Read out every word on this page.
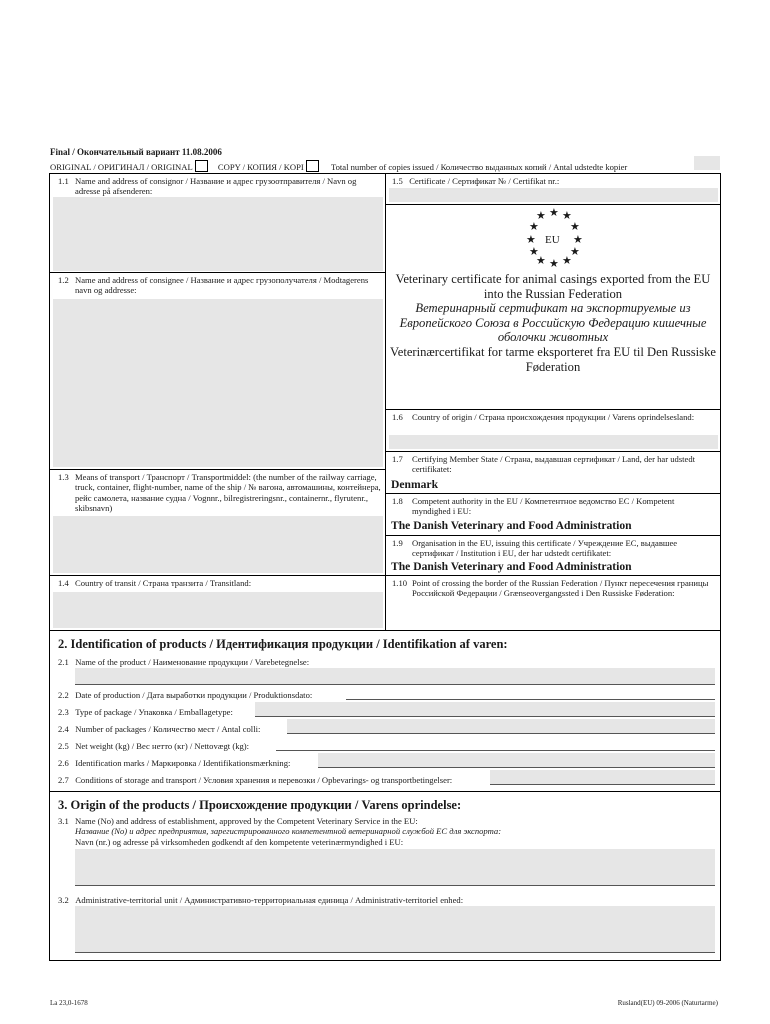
Final / Окончательный вариант 11.08.2006
ORIGINAL / ОРИГИНАЛ / ORIGINAL	COPY / КОПИЯ / KOPI	Total number of copies issued / Количество выданных копий / Antal udstedte kopier
1.1 Name and address of consignor / Название и адрес грузоотправителя / Navn og adresse på afsenderen:
1.2 Name and address of consignee / Название и адрес грузополучателя / Modtagerens navn og addresse:
1.3 Means of transport / Транспорт / Transportmiddel: (the number of the railway carriage, truck, container, flight-number, name of the ship / № вагона, автомашины, контейнера, рейс самолета, название судна / Vognnr., bilregistreringsnr., containernr., flyrutenr., skibsnavn)
1.4 Country of transit / Страна транзита / Transitland:
1.5 Certificate / Сертификат № / Certifikat nr.:
★ ★ ★
★	★
★	★
★	★
★ ★ ★
EU
Veterinary certificate for animal casings exported from the EU into the Russian Federation
Ветеринарный сертификат на экспортируемые из Европейского Союза в Российскую Федерацию кишечные оболочки животных
Veterinærcertifikat for tarme eksporteret fra EU til Den Russiske Føderation
1.6	Country of origin / Страна происхождения продукции / Varens oprindelsesland:
1.7	Certifying Member State / Страна, выдавшая сертификат / Land, der har udstedt certifikatet:
Denmark
1.8	Competent authority in the EU / Компетентное ведомство ЕС / Kompetent myndighed i EU:
The Danish Veterinary and Food Administration
1.9	Organisation in the EU, issuing this certificate / Учреждение ЕС, выдавшее сертификат / Institution i EU, der har udstedt certifikatet:
The Danish Veterinary and Food Administration
1.10 Point of crossing the border of the Russian Federation / Пункт пересечения границы Российской Федерации / Grænseovergangssted i Den Russiske Føderation:
2. Identification of products / Идентификация продукции / Identifikation af varen:
2.1 Name of the product / Наименование продукции / Varebetegnelse:
2.2 Date of production / Дата выработки продукции / Produktionsdato:
2.3 Type of package / Упаковка / Emballagetype:
2.4 Number of packages / Количество мест / Antal colli:
2.5 Net weight (kg) / Вес нетто (кг) / Nettovægt (kg):
2.6 Identification marks / Маркировка / Identifikationsmærkning:
2.7 Conditions of storage and transport / Условия хранения и перевозки / Opbevarings- og transportbetingelser:
3. Origin of the products / Происхождение продукции / Varens oprindelse:
3.1 Name (No) and address of establishment, approved by the Competent Veterinary Service in the EU:
Название (No) и адрес предприятия, зарегистрированного компетентной ветеринарной службой ЕС для экспорта:
Navn (nr.) og adresse på virksomheden godkendt af den kompetente veterinærmyndighed i EU:
3.2 Administrative-territorial unit / Административно-территориальная единица / Administrativ-territoriel enhed:
La 23,0-1678	Rusland(EU) 09-2006 (Naturtarme)
